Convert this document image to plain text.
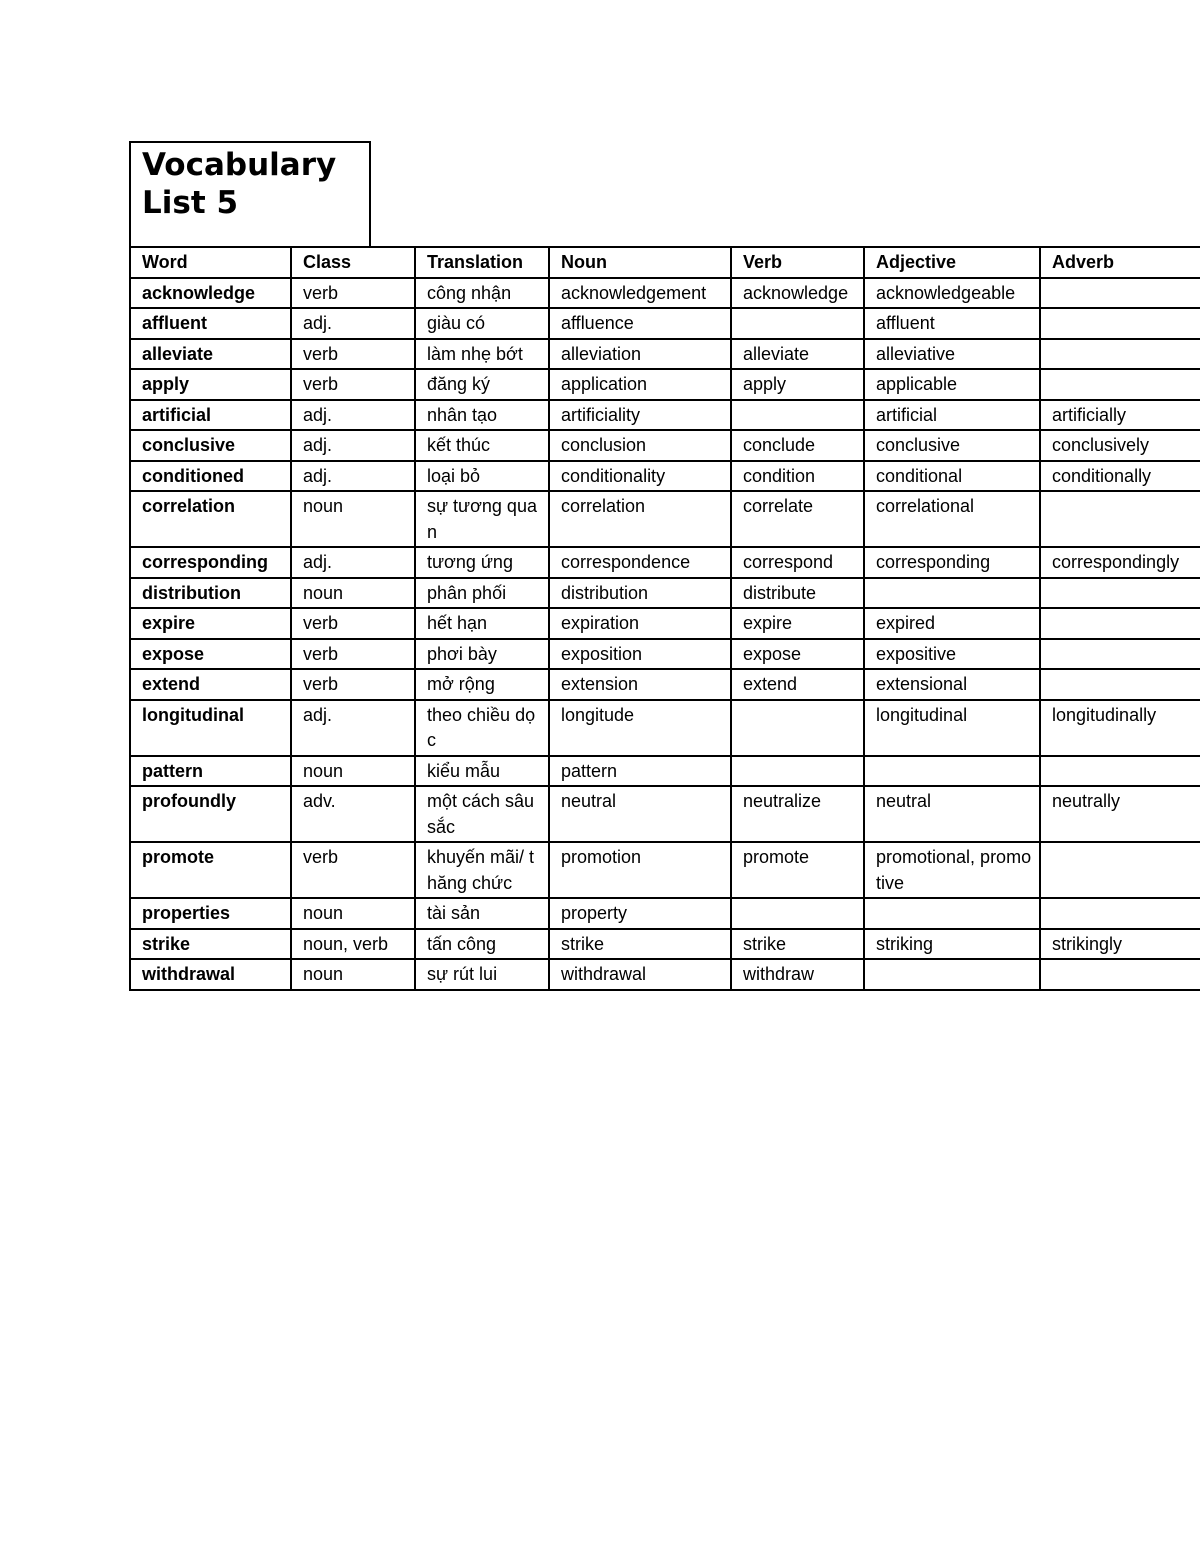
Vocabulary
List 5
Word	Class	Translation	Noun	Verb	Adjective	Adverb
acknowledge	verb	công nhận	acknowledgement	acknowledge	acknowledgeable	
affluent	adj.	giàu có	affluence		affluent	
alleviate	verb	làm nhẹ bớt	alleviation	alleviate	alleviative	
apply	verb	đăng ký	application	apply	applicable	
artificial	adj.	nhân tạo	artificiality		artificial	artificially
conclusive	adj.	kết thúc	conclusion	conclude	conclusive	conclusively
conditioned	adj.	loại bỏ	conditionality	condition	conditional	conditionally
correlation	noun	sự tương quan	correlation	correlate	correlational	
corresponding	adj.	tương ứng	correspondence	correspond	corresponding	correspondingly
distribution	noun	phân phối	distribution	distribute		
expire	verb	hết hạn	expiration	expire	expired	
expose	verb	phơi bày	exposition	expose	expositive	
extend	verb	mở rộng	extension	extend	extensional	
longitudinal	adj.	theo chiều dọc	longitude		longitudinal	longitudinally
pattern	noun	kiểu mẫu	pattern			
profoundly	adv.	một cách sâu sắc	neutral	neutralize	neutral	neutrally
promote	verb	khuyến mãi/ thăng chức	promotion	promote	promotional, promotive	
properties	noun	tài sản	property			
strike	noun, verb	tấn công	strike	strike	striking	strikingly
withdrawal	noun	sự rút lui	withdrawal	withdraw		
